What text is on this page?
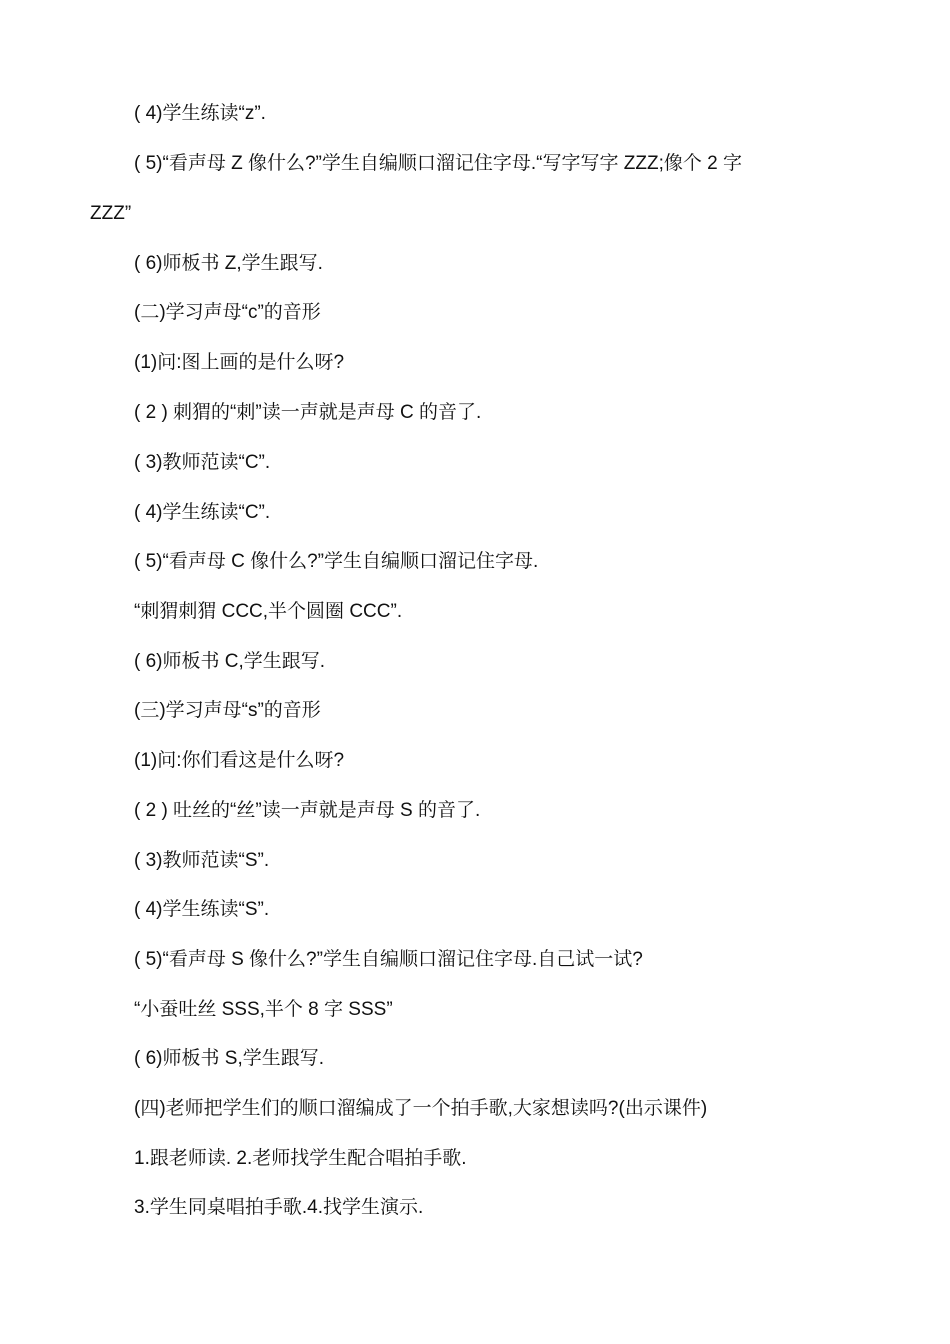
( 4)学生练读“z”.
( 5)“看声母 Z 像什么?”学生自编顺口溜记住字母.“写字写字 ZZZ;像个 2 字
ZZZ”
( 6)师板书 Z,学生跟写.
(二)学习声母“c”的音形
(1)问:图上画的是什么呀?
( 2 ) 刺猬的“刺”读一声就是声母 C 的音了.
( 3)教师范读“C”.
( 4)学生练读“C”.
( 5)“看声母 C 像什么?”学生自编顺口溜记住字母.
“刺猬刺猬 CCC,半个圆圈 CCC”.
( 6)师板书 C,学生跟写.
(三)学习声母“s”的音形
(1)问:你们看这是什么呀?
( 2 ) 吐丝的“丝”读一声就是声母 S 的音了.
( 3)教师范读“S”.
( 4)学生练读“S”.
( 5)“看声母 S 像什么?”学生自编顺口溜记住字母.自己试一试?
“小蚕吐丝 SSS,半个 8 字 SSS”
( 6)师板书 S,学生跟写.
(四)老师把学生们的顺口溜编成了一个拍手歌,大家想读吗?(出示课件)
1.跟老师读. 2.老师找学生配合唱拍手歌.
3.学生同桌唱拍手歌.4.找学生演示.
